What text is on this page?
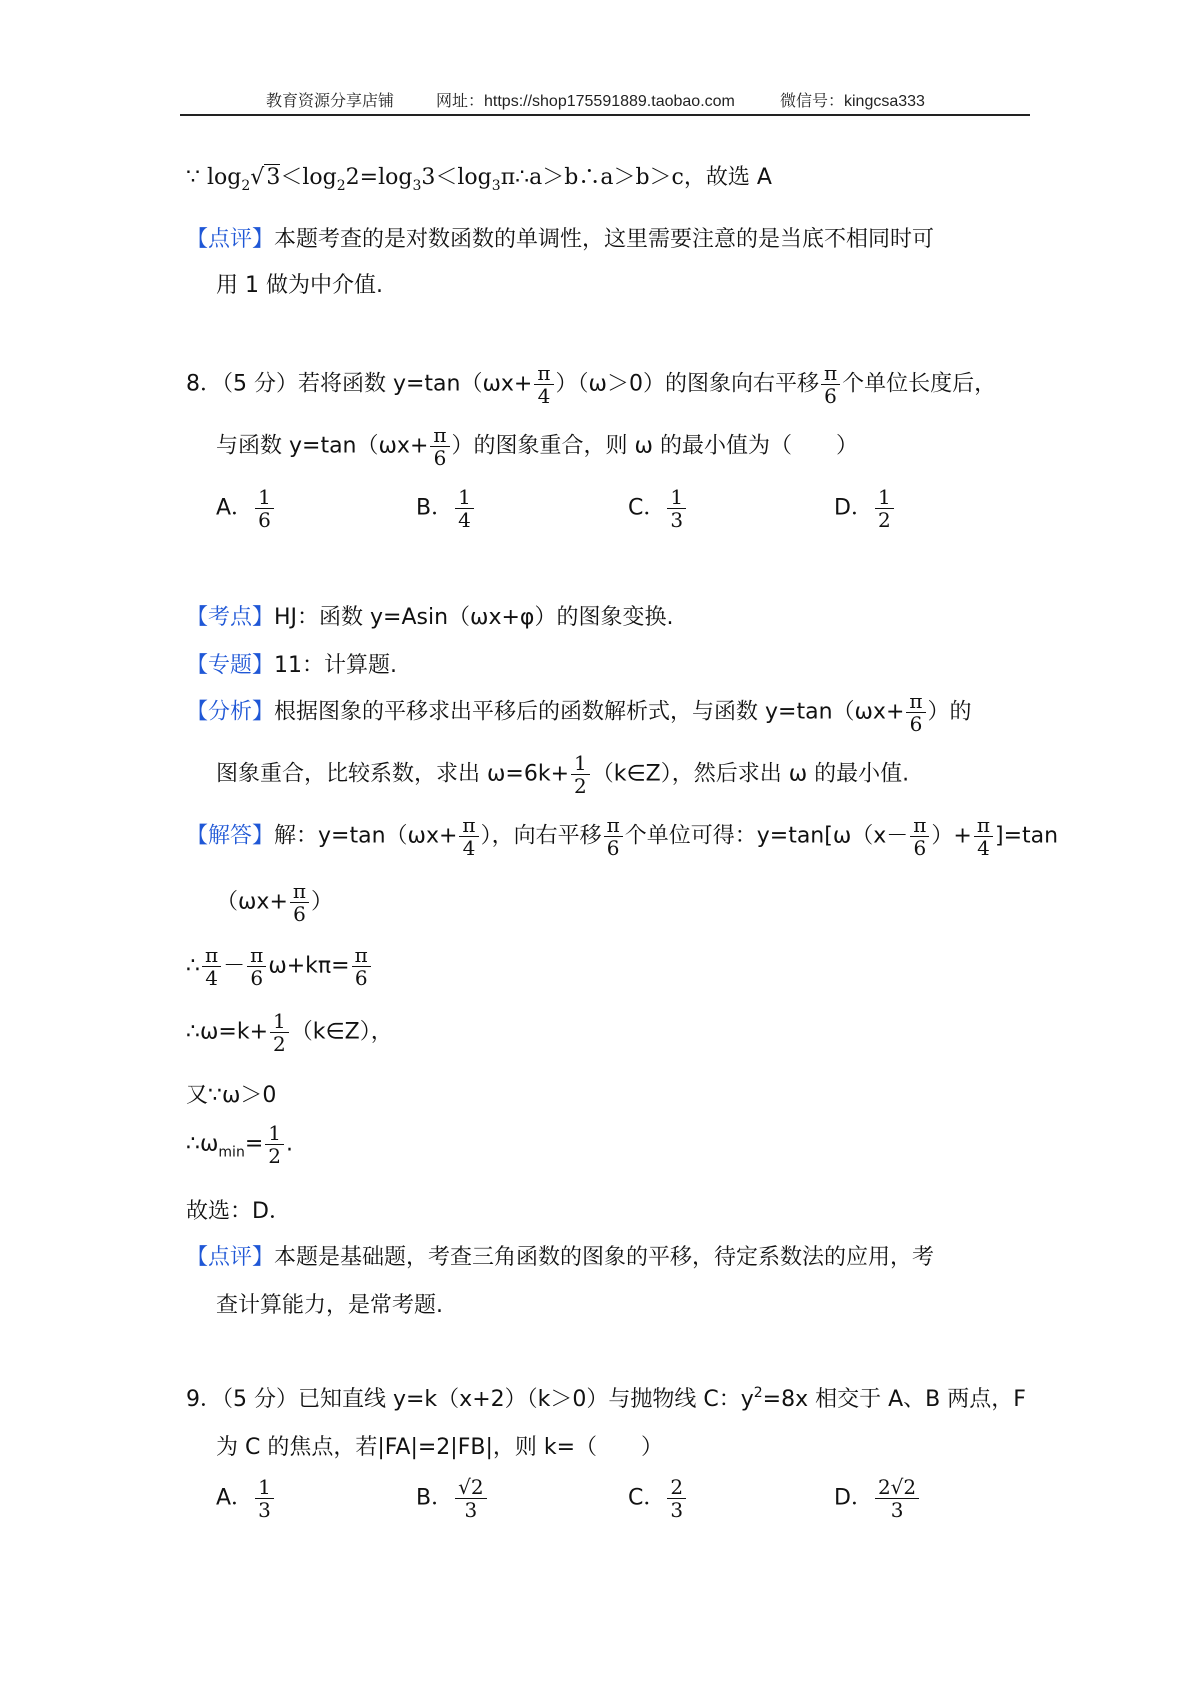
教育资源分享店铺	网址：https://shop175591889.taobao.com	微信号：kingcsa333
∵ $\log_2√3<\log_22=\log_33<\log_3\pi\therefore a>b\therefore a>b>c$，故选 A
【点评】本题考查的是对数函数的单调性，这里需要注意的是当底不相同时可
用 1 做为中介值.
8．（5 分）若将函数 $y=\tan(\omega x+ \frac{\pi}{4} )(\omega>0)$的图象向右平移 $\frac{\pi}{6}$ 个单位长度后，
与函数 $y=\tan(\omega x+ \frac{\pi}{6}$ ）的图象重合，则 ω 的最小值为（　　）
A． $\frac{1}{6}$	B． $\frac{1}{4}$	C． $\frac{1}{3}$	D． $\frac{1}{2}$
【考点】HJ：函数 y=Asin（ωx+φ）的图象变换.
【专题】11：计算题.
【分析】根据图象的平移求出平移后的函数解析式，与函数 $y=\tan(\omega x+ \frac{\pi}{6}$ ）的
图象重合，比较系数，求出 $\omega=6k+ \frac{1}{2}$ （k∈Z），然后求出 ω 的最小值.
【解答】解：$y=\tan(\omega x+ \frac{\pi}{4}$ ），向右平移 $\frac{\pi}{6}$ 个单位可得：$y=\tan[\omega(x- \frac{\pi}{6}$ ）+ $\frac{\pi}{4} ]=\tan$
（$\omega x+ \frac{\pi}{6}$ ）
∴ $\frac{\pi}{4} - \frac{\pi}{6} \omega+k\pi= \frac{\pi}{6}$
∴ω=k+ $\frac{1}{2}$ （k∈Z），
又∵ω＞0
$\therefore\omega_{min}= \frac{1}{2}$ .
故选：D．
【点评】本题是基础题，考查三角函数的图象的平移，待定系数法的应用，考
查计算能力，是常考题.
9．（5 分）已知直线 y=k（x+2）（k＞0）与抛物线 C：$y^2=8x$ 相交于 A、B 两点，F
为 C 的焦点，若|FA|=2|FB|，则 k=（　　）
A． $\frac{1}{3}$	B． $\frac{√2}{3}$	C． $\frac{2}{3}$	D． $\frac{2√2}{3}$
